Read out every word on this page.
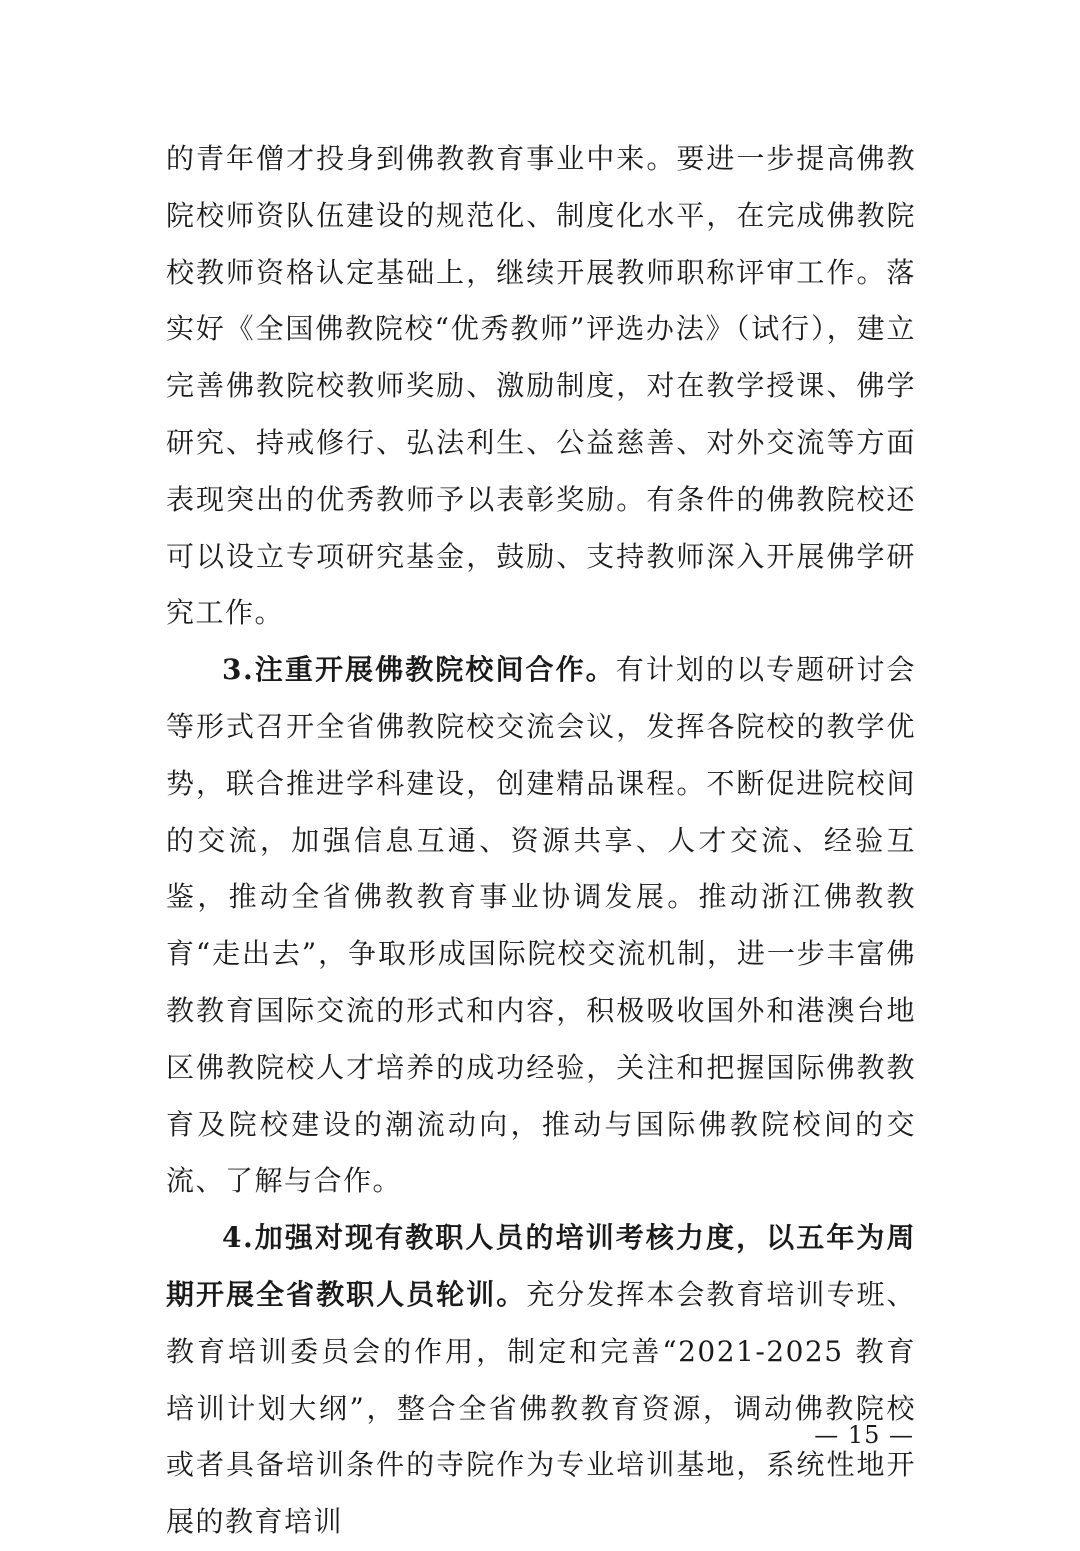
的青年僧才投身到佛教教育事业中来。要进一步提高佛教院校师资队伍建设的规范化、制度化水平，在完成佛教院校教师资格认定基础上，继续开展教师职称评审工作。落实好《全国佛教院校“优秀教师”评选办法》（试行），建立完善佛教院校教师奖励、激励制度，对在教学授课、佛学研究、持戒修行、弘法利生、公益慈善、对外交流等方面表现突出的优秀教师予以表彰奖励。有条件的佛教院校还可以设立专项研究基金，鼓励、支持教师深入开展佛学研究工作。

3.注重开展佛教院校间合作。有计划的以专题研讨会等形式召开全省佛教院校交流会议，发挥各院校的教学优势，联合推进学科建设，创建精品课程。不断促进院校间的交流，加强信息互通、资源共享、人才交流、经验互鉴，推动全省佛教教育事业协调发展。推动浙江佛教教育“走出去”，争取形成国际院校交流机制，进一步丰富佛教教育国际交流的形式和内容，积极吸收国外和港澳台地区佛教院校人才培养的成功经验，关注和把握国际佛教教育及院校建设的潮流动向，推动与国际佛教院校间的交流、了解与合作。

4.加强对现有教职人员的培训考核力度，以五年为周期开展全省教职人员轮训。充分发挥本会教育培训专班、教育培训委员会的作用，制定和完善“2021-2025 教育培训计划大纲”，整合全省佛教教育资源，调动佛教院校或者具备培训条件的寺院作为专业培训基地，系统性地开展的教育培训

— 15 —
